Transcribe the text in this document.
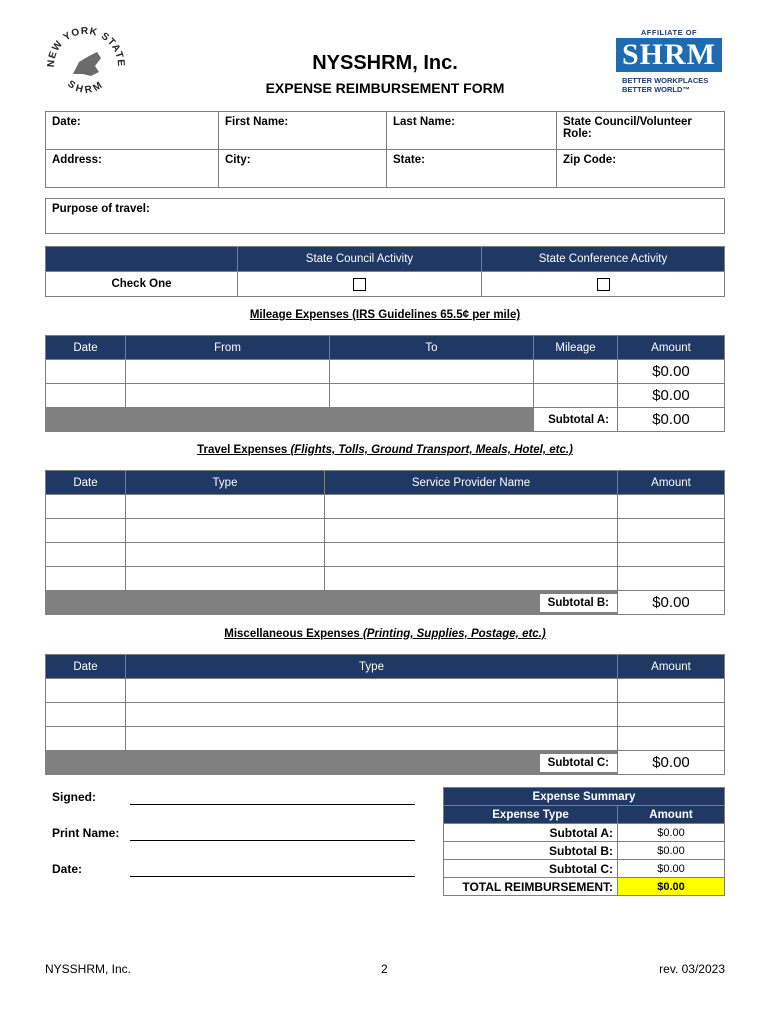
NEW YORK STATE
SHRM
AFFILIATE OF
SHRM
BETTER WORKPLACES
BETTER WORLD™
NYSSHRM, Inc.
EXPENSE REIMBURSEMENT FORM
Date:	First Name:	Last Name:	State Council/Volunteer Role:
Address:	City:	State:	Zip Code:
Purpose of travel:
	State Council Activity	State Conference Activity
Check One		
Mileage Expenses (IRS Guidelines 65.5¢ per mile)
Date	From	To	Mileage	Amount
				$0.00
				$0.00
			Subtotal A:	$0.00
Travel Expenses (Flights, Tolls, Ground Transport, Meals, Hotel, etc.)
Date	Type	Service Provider Name	Amount

		Subtotal B:	$0.00
Miscellaneous Expenses (Printing, Supplies, Postage, etc.)
Date	Type	Amount

	Subtotal C:	$0.00
Signed:
Print Name:
Date:
Expense Summary	
Expense Type	Amount
Subtotal A:	$0.00
Subtotal B:	$0.00
Subtotal C:	$0.00
TOTAL REIMBURSEMENT:	$0.00
NYSSHRM, Inc.	2	rev. 03/2023
